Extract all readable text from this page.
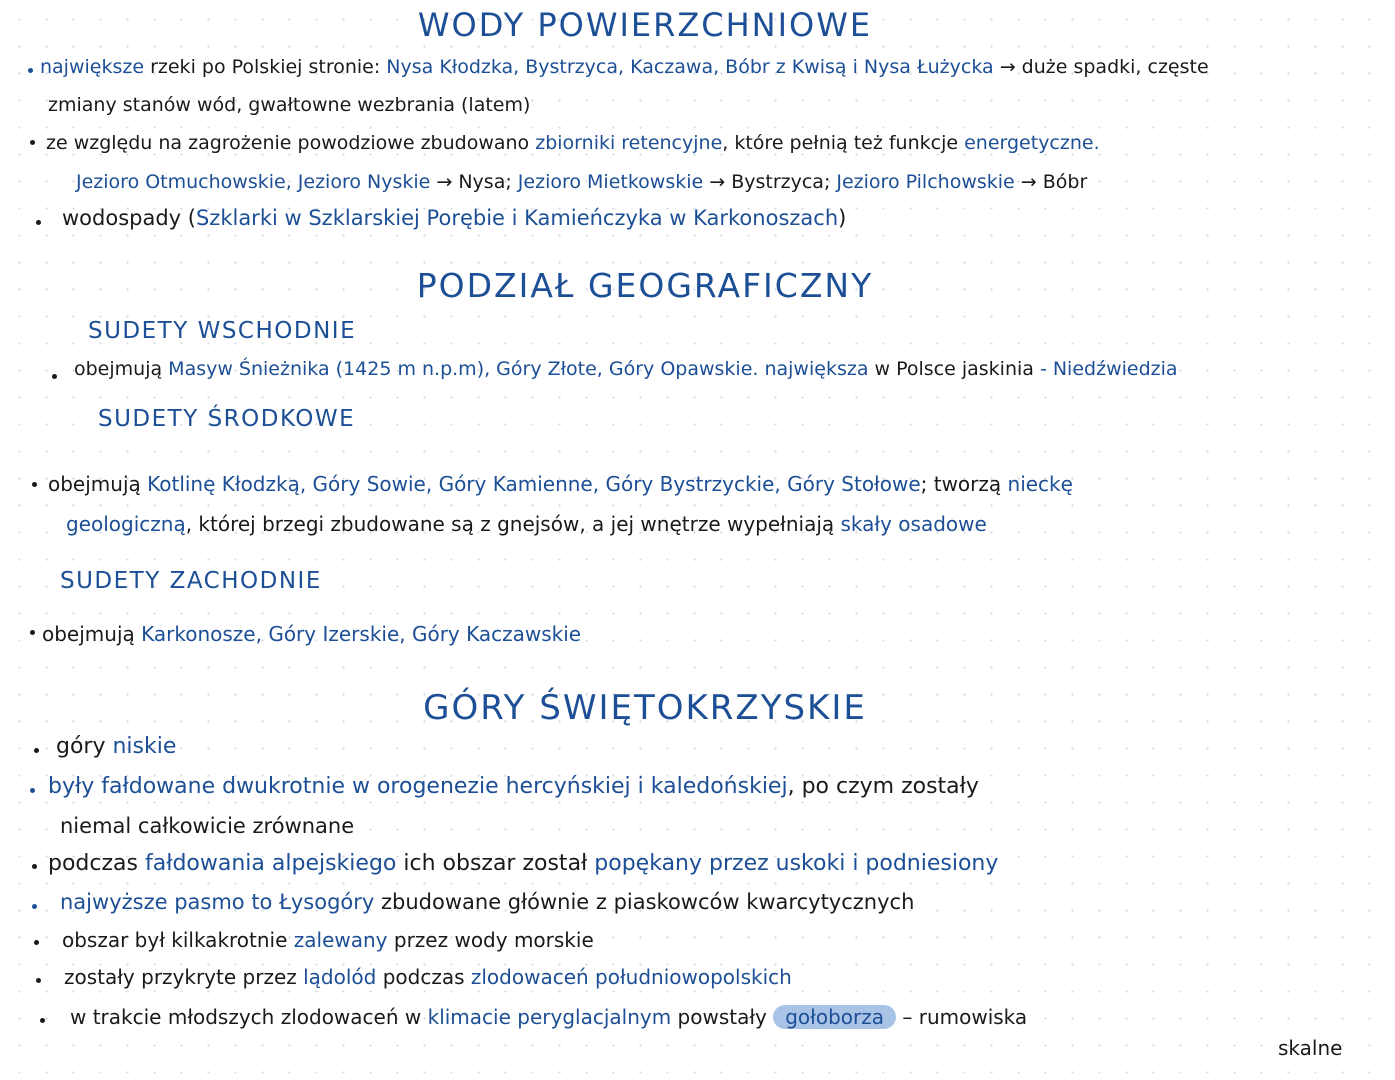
WODY POWIERZCHNIOWE
największe rzeki po Polskiej stronie: Nysa Kłodzka, Bystrzyca, Kaczawa, Bóbr z Kwisą i Nysa Łużycka → duże spadki, częste
zmiany stanów wód, gwałtowne wezbrania (latem)
ze względu na zagrożenie powodziowe zbudowano zbiorniki retencyjne, które pełnią też funkcje energetyczne.
Jezioro Otmuchowskie, Jezioro Nyskie → Nysa; Jezioro Mietkowskie → Bystrzyca; Jezioro Pilchowskie → Bóbr
wodospady (Szklarki w Szklarskiej Porębie i Kamieńczyka w Karkonoszach)
PODZIAŁ GEOGRAFICZNY
SUDETY WSCHODNIE
obejmują Masyw Śnieżnika (1425 m n.p.m), Góry Złote, Góry Opawskie. największa w Polsce jaskinia - Niedźwiedzia
SUDETY ŚRODKOWE
obejmują Kotlinę Kłodzką, Góry Sowie, Góry Kamienne, Góry Bystrzyckie, Góry Stołowe; tworzą nieckę
geologiczną, której brzegi zbudowane są z gnejsów, a jej wnętrze wypełniają skały osadowe
SUDETY ZACHODNIE
obejmują Karkonosze, Góry Izerskie, Góry Kaczawskie
GÓRY ŚWIĘTOKRZYSKIE
góry niskie
były fałdowane dwukrotnie w orogenezie hercyńskiej i kaledońskiej, po czym zostały
niemal całkowicie zrównane
podczas fałdowania alpejskiego ich obszar został popękany przez uskoki i podniesiony
najwyższe pasmo to Łysogóry zbudowane głównie z piaskowców kwarcytycznych
obszar był kilkakrotnie zalewany przez wody morskie
zostały przykryte przez lądolód podczas zlodowaceń południowopolskich
w trakcie młodszych zlodowaceń w klimacie peryglacjalnym powstały gołoborza – rumowiska
skalne
